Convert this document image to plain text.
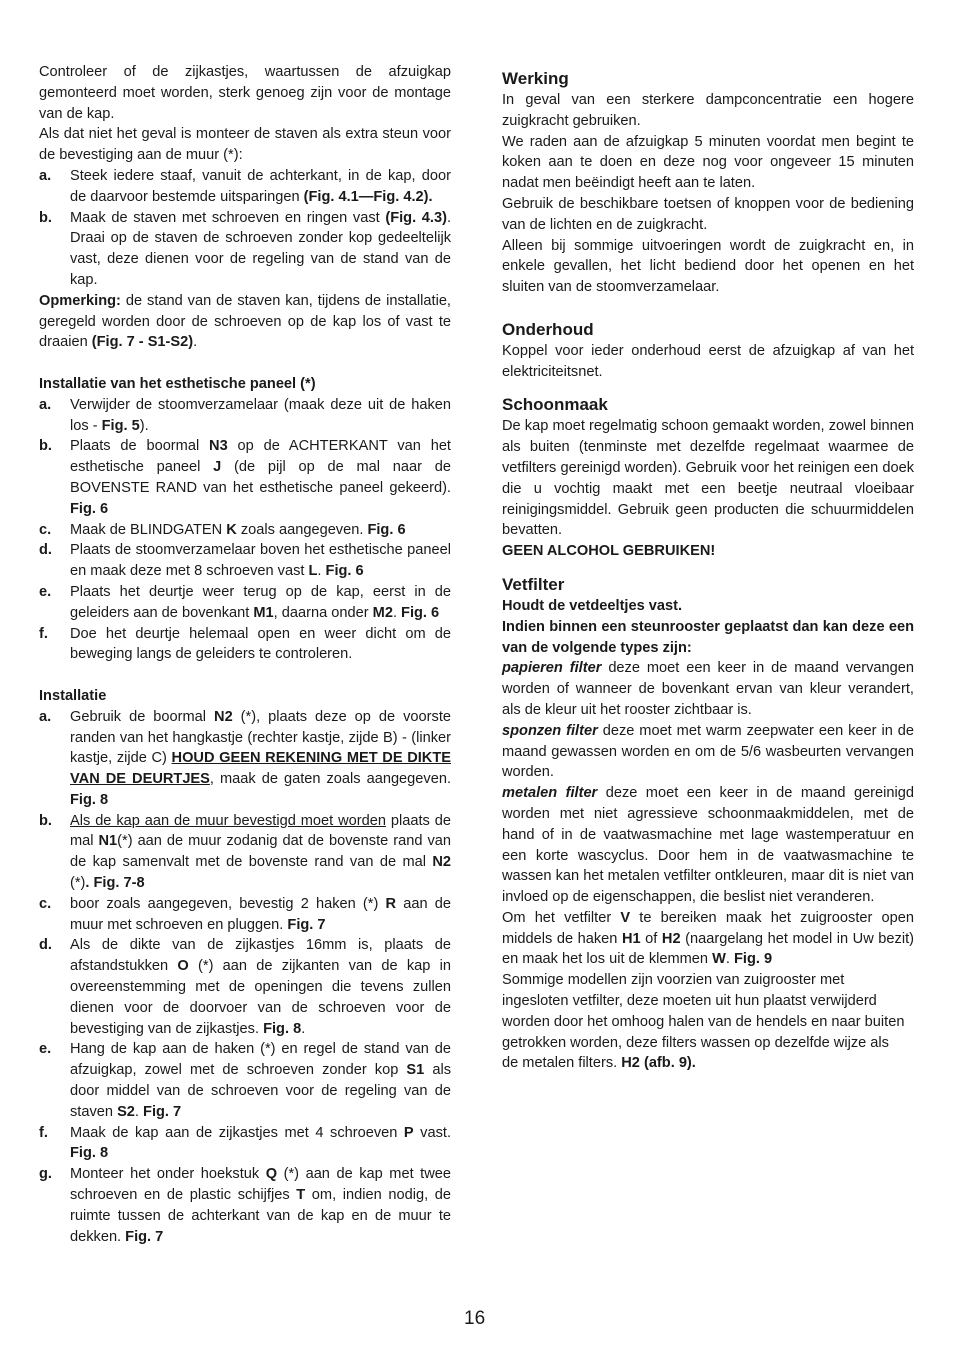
Controleer of de zijkastjes, waartussen de afzuigkap gemonteerd moet worden, sterk genoeg zijn voor de montage van de kap.

Als dat niet het geval is monteer de staven als extra steun voor de bevestiging aan de muur (*):

a. Steek iedere staaf, vanuit de achterkant, in de kap, door de daarvoor bestemde uitsparingen (Fig. 4.1—Fig. 4.2).
b. Maak de staven met schroeven en ringen vast (Fig. 4.3). Draai op de staven de schroeven zonder kop gedeeltelijk vast, deze dienen voor de regeling van de stand van de kap.

Opmerking: de stand van de staven kan, tijdens de installatie, geregeld worden door de schroeven op de kap los of vast te draaien (Fig. 7 - S1-S2).

Installatie van het esthetische paneel (*)

a. Verwijder de stoomverzamelaar (maak deze uit de haken los - Fig. 5).
b. Plaats de boormal N3 op de ACHTERKANT van het esthetische paneel J (de pijl op de mal naar de BOVENSTE RAND van het esthetische paneel gekeerd). Fig. 6
c. Maak de BLINDGATEN K zoals aangegeven. Fig. 6
d. Plaats de stoomverzamelaar boven het esthetische paneel en maak deze met 8 schroeven vast L. Fig. 6
e. Plaats het deurtje weer terug op de kap, eerst in de geleiders aan de bovenkant M1, daarna onder M2. Fig. 6
f. Doe het deurtje helemaal open en weer dicht om de beweging langs de geleiders te controleren.

Installatie

a. Gebruik de boormal N2 (*), plaats deze op de voorste randen van het hangkastje (rechter kastje, zijde B) - (linker kastje, zijde C) HOUD GEEN REKENING MET DE DIKTE VAN DE DEURTJES, maak de gaten zoals aangegeven. Fig. 8
b. Als de kap aan de muur bevestigd moet worden plaats de mal N1(*) aan de muur zodanig dat de bovenste rand van de kap samenvalt met de bovenste rand van de mal N2 (*). Fig. 7-8
c. boor zoals aangegeven, bevestig 2 haken (*) R aan de muur met schroeven en pluggen. Fig. 7
d. Als de dikte van de zijkastjes 16mm is, plaats de afstandstukken O (*) aan de zijkanten van de kap in overeenstemming met de openingen die tevens zullen dienen voor de doorvoer van de schroeven voor de bevestiging van de zijkastjes. Fig. 8.
e. Hang de kap aan de haken (*) en regel de stand van de afzuigkap, zowel met de schroeven zonder kop S1 als door middel van de schroeven voor de regeling van de staven S2. Fig. 7
f. Maak de kap aan de zijkastjes met 4 schroeven P vast. Fig. 8
g. Monteer het onder hoekstuk Q (*) aan de kap met twee schroeven en de plastic schijfjes T om, indien nodig, de ruimte tussen de achterkant van de kap en de muur te dekken. Fig. 7
Werking

In geval van een sterkere dampconcentratie een hogere zuigkracht gebruiken.

We raden aan de afzuigkap 5 minuten voordat men begint te koken aan te doen en deze nog voor ongeveer 15 minuten nadat men beëindigt heeft aan te laten.

Gebruik de beschikbare toetsen of knoppen voor de bediening van de lichten en de zuigkracht.

Alleen bij sommige uitvoeringen wordt de zuigkracht en, in enkele gevallen, het licht bediend door het openen en het sluiten van de stoomverzamelaar.

Onderhoud

Koppel voor ieder onderhoud eerst de afzuigkap af van het elektriciteitsnet.

Schoonmaak

De kap moet regelmatig schoon gemaakt worden, zowel binnen als buiten (tenminste met dezelfde regelmaat waarmee de vetfilters gereinigd worden). Gebruik voor het reinigen een doek die u vochtig maakt met een beetje neutraal vloeibaar reinigingsmiddel. Gebruik geen producten die schuurmiddelen bevatten.

GEEN ALCOHOL GEBRUIKEN!

Vetfilter

Houdt de vetdeeltjes vast.

Indien binnen een steunrooster geplaatst dan kan deze een van de volgende types zijn:

papieren filter deze moet een keer in de maand vervangen worden of wanneer de bovenkant ervan van kleur verandert, als de kleur uit het rooster zichtbaar is.

sponzen filter deze moet met warm zeepwater een keer in de maand gewassen worden en om de 5/6 wasbeurten vervangen worden.

metalen filter deze moet een keer in de maand gereinigd worden met niet agressieve schoonmaakmiddelen, met de hand of in de vaatwasmachine met lage wastemperatuur en een korte wascyclus. Door hem in de vaatwasmachine te wassen kan het metalen vetfilter ontkleuren, maar dit is niet van invloed op de eigenschappen, die beslist niet veranderen.

Om het vetfilter V te bereiken maak het zuigrooster open middels de haken H1 of H2 (naargelang het model in Uw bezit) en maak het los uit de klemmen W. Fig. 9

Sommige modellen zijn voorzien van zuigrooster met
ingesloten vetfilter, deze moeten uit hun plaatst verwijderd
worden door het omhoog halen van de hendels en naar buiten
getrokken worden, deze filters wassen op dezelfde wijze als
de metalen filters. H2 (afb. 9).
16
